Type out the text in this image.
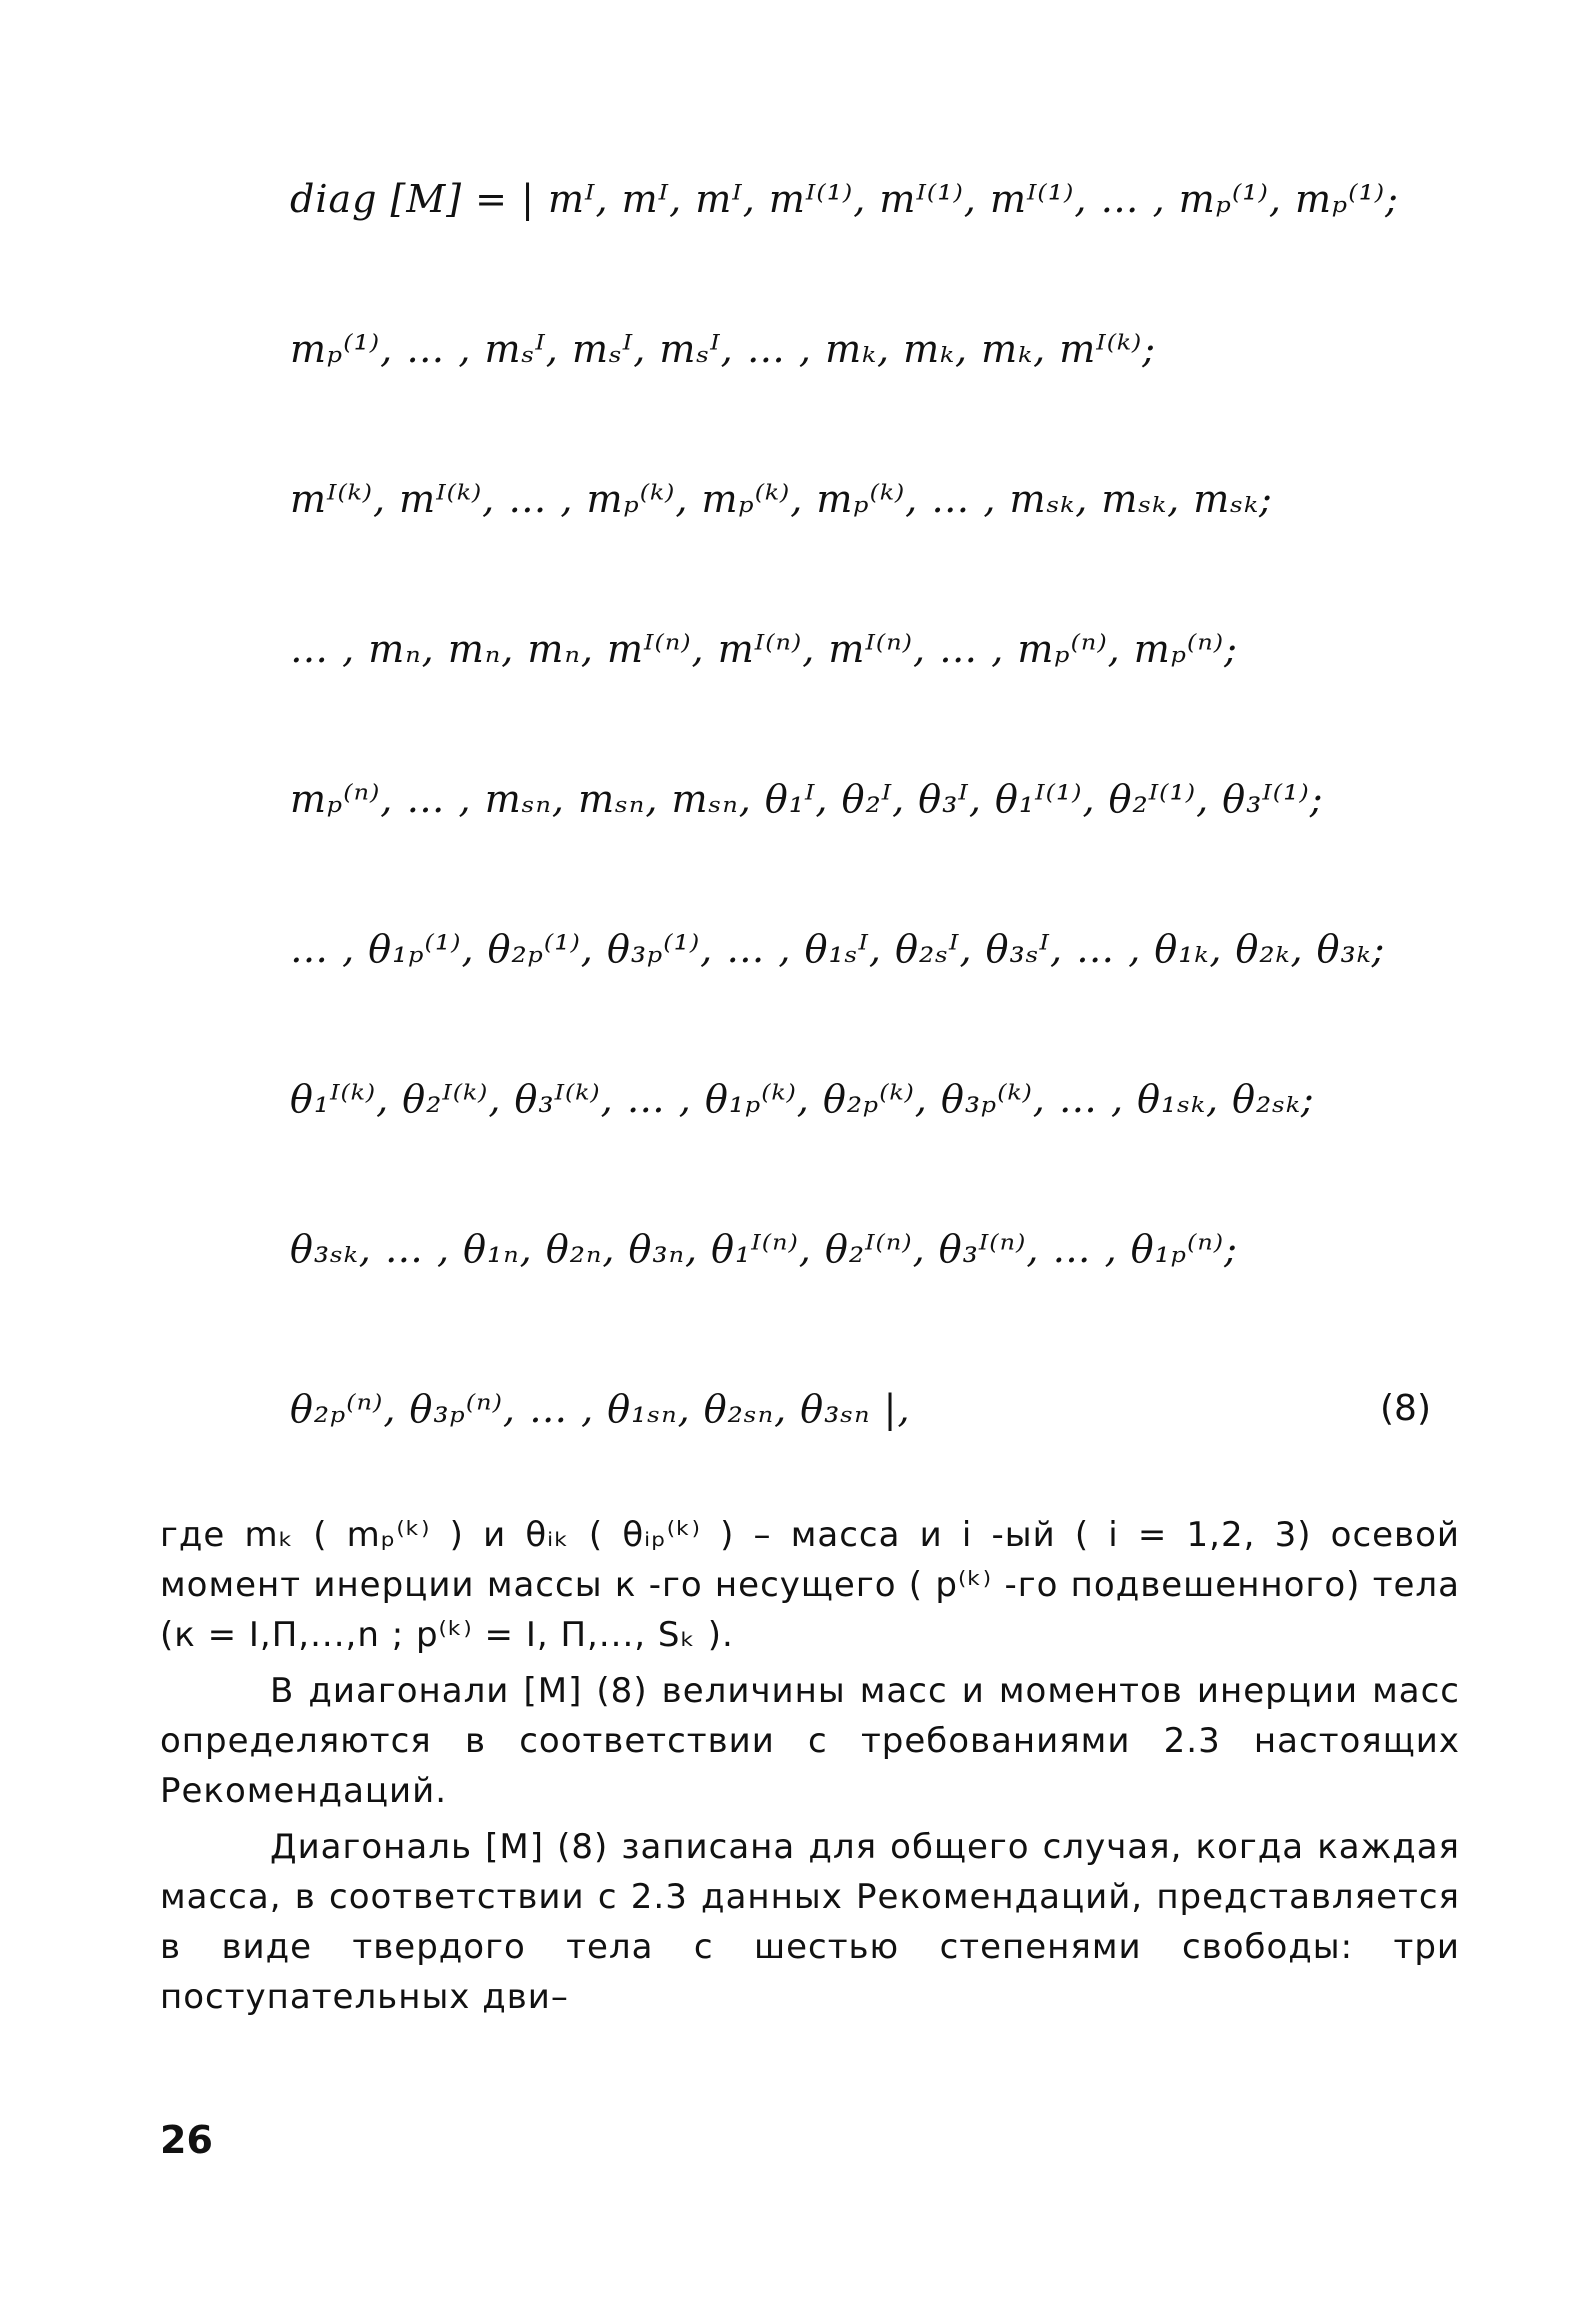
diag [M] = | mᴵ, mᴵ, mᴵ, mᴵ⁽¹⁾, mᴵ⁽¹⁾, mᴵ⁽¹⁾, … , mₚ⁽¹⁾, mₚ⁽¹⁾;
mₚ⁽¹⁾, … , mₛᴵ, mₛᴵ, mₛᴵ, … , mₖ, mₖ, mₖ, mᴵ⁽ᵏ⁾;
mᴵ⁽ᵏ⁾, mᴵ⁽ᵏ⁾, … , mₚ⁽ᵏ⁾, mₚ⁽ᵏ⁾, mₚ⁽ᵏ⁾, … , mₛₖ, mₛₖ, mₛₖ;
… , mₙ, mₙ, mₙ, mᴵ⁽ⁿ⁾, mᴵ⁽ⁿ⁾, mᴵ⁽ⁿ⁾, … , mₚ⁽ⁿ⁾, mₚ⁽ⁿ⁾;
mₚ⁽ⁿ⁾, … , mₛₙ, mₛₙ, mₛₙ, θ₁ᴵ, θ₂ᴵ, θ₃ᴵ, θ₁ᴵ⁽¹⁾, θ₂ᴵ⁽¹⁾, θ₃ᴵ⁽¹⁾;
… , θ₁ₚ⁽¹⁾, θ₂ₚ⁽¹⁾, θ₃ₚ⁽¹⁾, … , θ₁ₛᴵ, θ₂ₛᴵ, θ₃ₛᴵ, … , θ₁ₖ, θ₂ₖ, θ₃ₖ;
θ₁ᴵ⁽ᵏ⁾, θ₂ᴵ⁽ᵏ⁾, θ₃ᴵ⁽ᵏ⁾, … , θ₁ₚ⁽ᵏ⁾, θ₂ₚ⁽ᵏ⁾, θ₃ₚ⁽ᵏ⁾, … , θ₁ₛₖ, θ₂ₛₖ;
θ₃ₛₖ, … , θ₁ₙ, θ₂ₙ, θ₃ₙ, θ₁ᴵ⁽ⁿ⁾, θ₂ᴵ⁽ⁿ⁾, θ₃ᴵ⁽ⁿ⁾, … , θ₁ₚ⁽ⁿ⁾;
θ₂ₚ⁽ⁿ⁾, θ₃ₚ⁽ⁿ⁾, … , θ₁ₛₙ, θ₂ₛₙ, θ₃ₛₙ |,	(8)

где mₖ ( mₚ⁽ᵏ⁾ ) и θᵢₖ ( θᵢₚ⁽ᵏ⁾ ) – масса и i -ый ( i = 1,2, 3) осевой момент инерции массы к -го несущего ( p⁽ᵏ⁾ -го подвешенного) тела (к = I,П,...,n ; p⁽ᵏ⁾ = I, П,..., Sₖ ).

В диагонали [M] (8) величины масс и моментов инерции масс определяются в соответствии с требованиями 2.3 настоящих Рекомендаций.

Диагональ [M] (8) записана для общего случая, когда каждая масса, в соответствии с 2.3 данных Рекомендаций, представляется в виде твердого тела с шестью степенями свободы: три поступательных дви–

26
